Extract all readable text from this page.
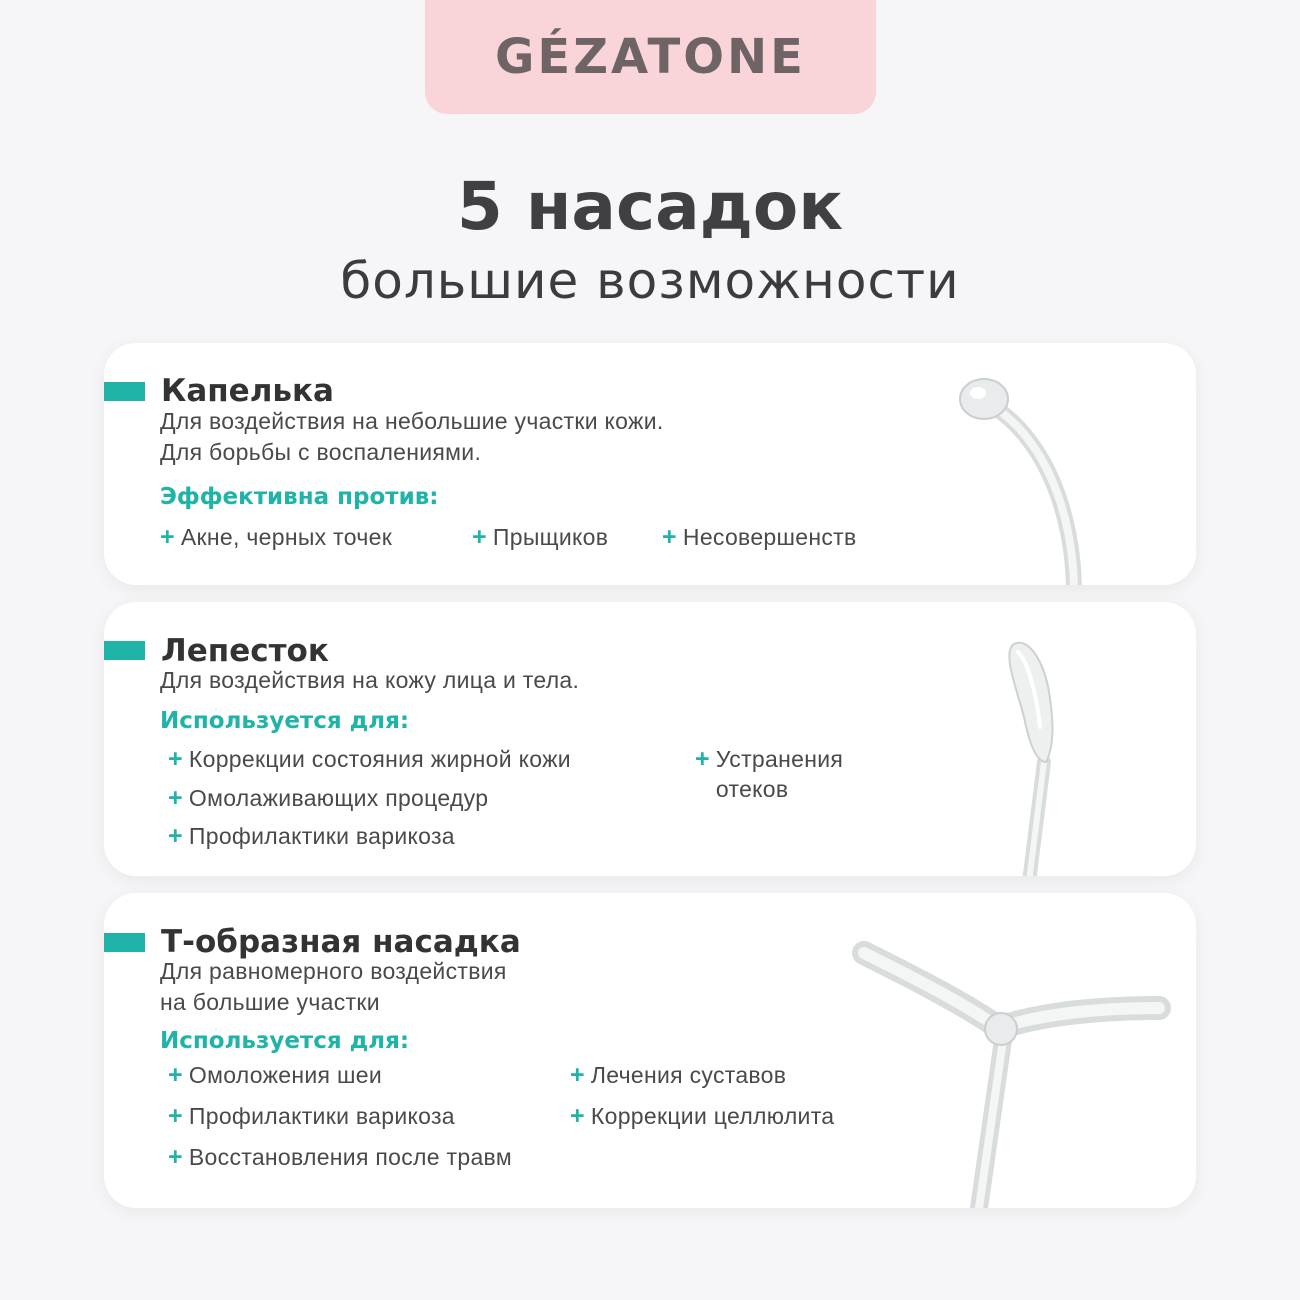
GÉZATONE
5 насадок
большие возможности
Капелька
Для воздействия на небольшие участки кожи.
Для борьбы с воспалениями.
Эффективна против:
+ Акне, черных точек	+ Прыщиков + Несовершенств
Лепесток
Для воздействия на кожу лица и тела.
Используется для:
+ Коррекции состояния жирной кожи
+ Омолаживающих процедур
+ Профилактики варикоза
+ Устранения отеков
Т-образная насадка
Для равномерного воздействия
на большие участки
Используется для:
+ Омоложения шеи
+ Профилактики варикоза
+ Восстановления после травм
+ Лечения суставов
+ Коррекции целлюлита
